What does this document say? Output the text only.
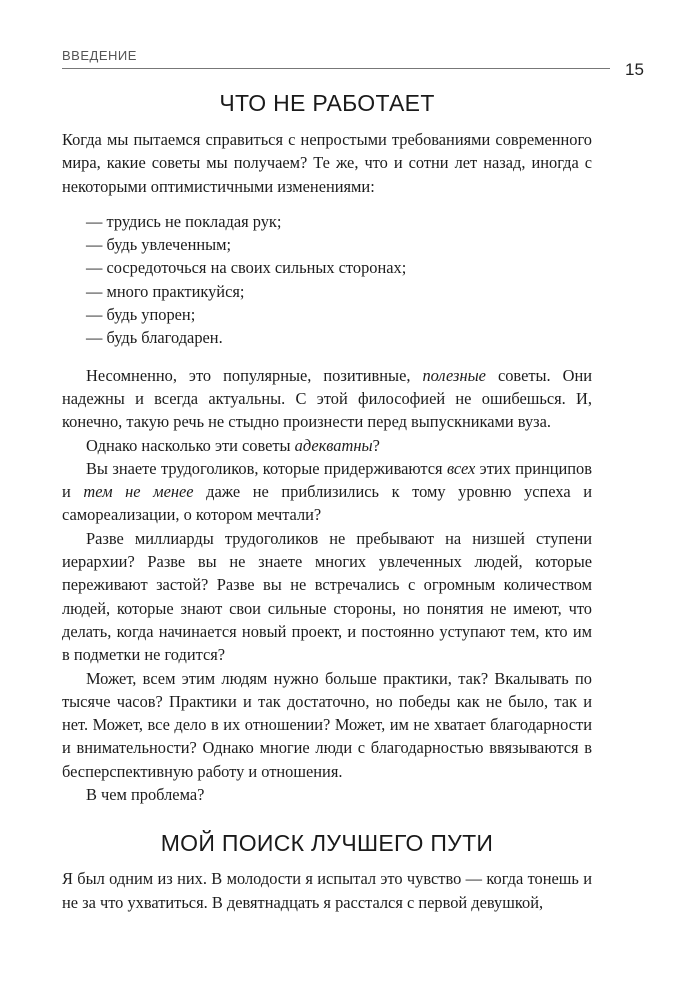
ВВЕДЕНИЕ
15
ЧТО НЕ РАБОТАЕТ

Когда мы пытаемся справиться с непростыми требованиями современного мира, какие советы мы получаем? Те же, что и сотни лет назад, иногда с некоторыми оптимистичными изменениями:

— трудись не покладая рук;
— будь увлеченным;
— сосредоточься на своих сильных сторонах;
— много практикуйся;
— будь упорен;
— будь благодарен.

Несомненно, это популярные, позитивные, полезные советы. Они надежны и всегда актуальны. С этой философией не ошибешься. И, конечно, такую речь не стыдно произнести перед выпускниками вуза.

Однако насколько эти советы адекватны?

Вы знаете трудоголиков, которые придерживаются всех этих принципов и тем не менее даже не приблизились к тому уровню успеха и самореализации, о котором мечтали?

Разве миллиарды трудоголиков не пребывают на низшей ступени иерархии? Разве вы не знаете многих увлеченных людей, которые переживают застой? Разве вы не встречались с огромным количеством людей, которые знают свои сильные стороны, но понятия не имеют, что делать, когда начинается новый проект, и постоянно уступают тем, кто им в подметки не годится?

Может, всем этим людям нужно больше практики, так? Вкалывать по тысяче часов? Практики и так достаточно, но победы как не было, так и нет. Может, все дело в их отношении? Может, им не хватает благодарности и внимательности? Однако многие люди с благодарностью ввязываются в бесперспективную работу и отношения.

В чем проблема?

МОЙ ПОИСК ЛУЧШЕГО ПУТИ

Я был одним из них. В молодости я испытал это чувство — когда тонешь и не за что ухватиться. В девятнадцать я расстался с первой девушкой,
